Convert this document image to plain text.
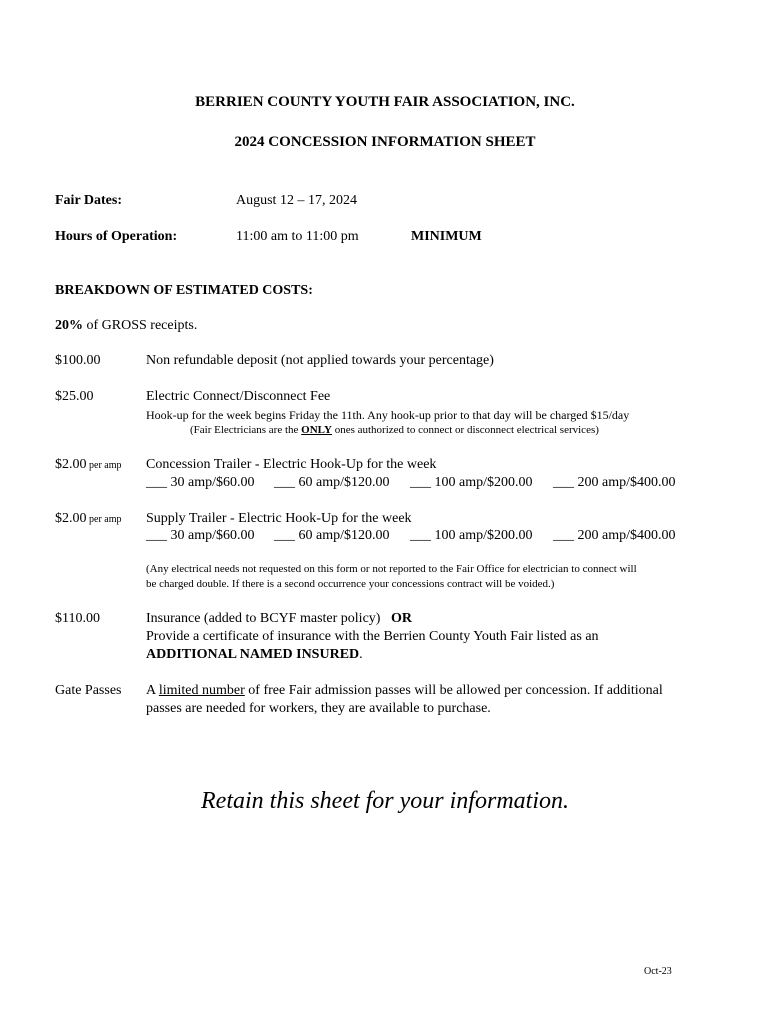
BERRIEN COUNTY YOUTH FAIR ASSOCIATION, INC.
2024 CONCESSION INFORMATION SHEET
Fair Dates:	August 12 – 17, 2024
Hours of Operation:	11:00 am to 11:00 pm	MINIMUM
BREAKDOWN OF ESTIMATED COSTS:
20% of GROSS receipts.
$100.00	Non refundable deposit (not applied towards your percentage)
$25.00	Electric Connect/Disconnect Fee
Hook-up for the week begins Friday the 11th. Any hook-up prior to that day will be charged $15/day
(Fair Electricians are the ONLY ones authorized to connect or disconnect electrical services)
$2.00 per amp Concession Trailer - Electric Hook-Up for the week
___ 30 amp/$60.00 ___ 60 amp/$120.00 ___ 100 amp/$200.00 ___ 200 amp/$400.00
$2.00 per amp Supply Trailer - Electric Hook-Up for the week
___ 30 amp/$60.00 ___ 60 amp/$120.00 ___ 100 amp/$200.00 ___ 200 amp/$400.00
(Any electrical needs not requested on this form or not reported to the Fair Office for electrician to connect will
be charged double. If there is a second occurrence your concessions contract will be voided.)
$110.00	Insurance (added to BCYF master policy) OR
Provide a certificate of insurance with the Berrien County Youth Fair listed as an
ADDITIONAL NAMED INSURED.
Gate Passes A limited number of free Fair admission passes will be allowed per concession. If additional
passes are needed for workers, they are available to purchase.
Retain this sheet for your information.
Oct-23
